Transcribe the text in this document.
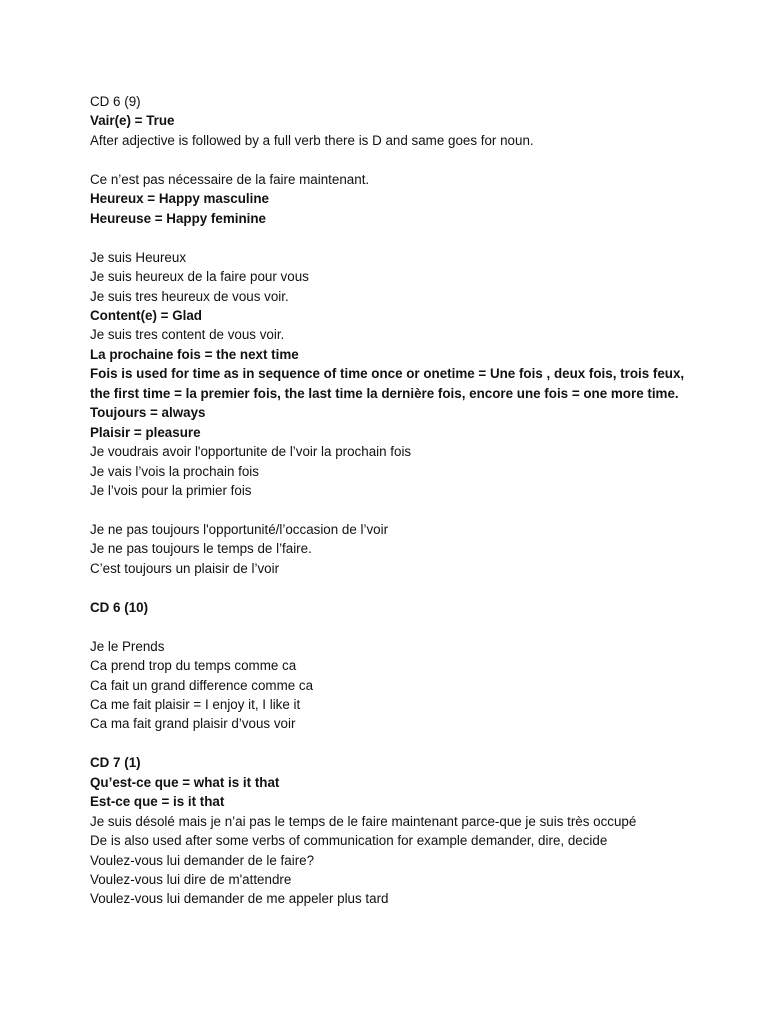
CD 6 (9)

Vair(e) = True

After adjective is followed by a full verb there is D and same goes for noun.

Ce n’est pas nécessaire de la faire maintenant.

Heureux = Happy masculine

Heureuse = Happy feminine

Je suis Heureux

Je suis heureux de la faire pour vous

Je suis tres heureux de vous voir.

Content(e) = Glad

Je suis tres content de vous voir.

La prochaine fois = the next time

Fois is used for time as in sequence of time once or onetime = Une fois , deux fois, trois feux, the first time = la premier fois, the last time la dernière fois, encore une fois = one more time.

Toujours = always

Plaisir = pleasure

Je voudrais avoir l'opportunite de l’voir la prochain fois

Je vais l’vois la prochain fois

Je l’vois pour la primier fois

Je ne pas toujours l'opportunité/l’occasion de l’voir

Je ne pas toujours le temps de l’faire.

C’est toujours un plaisir de l’voir

CD 6 (10)

Je le Prends

Ca prend trop du temps comme ca

Ca fait un grand difference comme ca

Ca me fait plaisir = I enjoy it, I like it

Ca ma fait grand plaisir d’vous voir

CD 7 (1)

Qu’est-ce que = what is it that

Est-ce que = is it that

Je suis désolé mais je n’ai pas le temps de le faire maintenant parce-que je suis très occupé

De is also used after some verbs of communication for example demander, dire, decide

Voulez-vous lui demander de le faire?

Voulez-vous lui dire de m'attendre

Voulez-vous lui demander de me appeler plus tard
